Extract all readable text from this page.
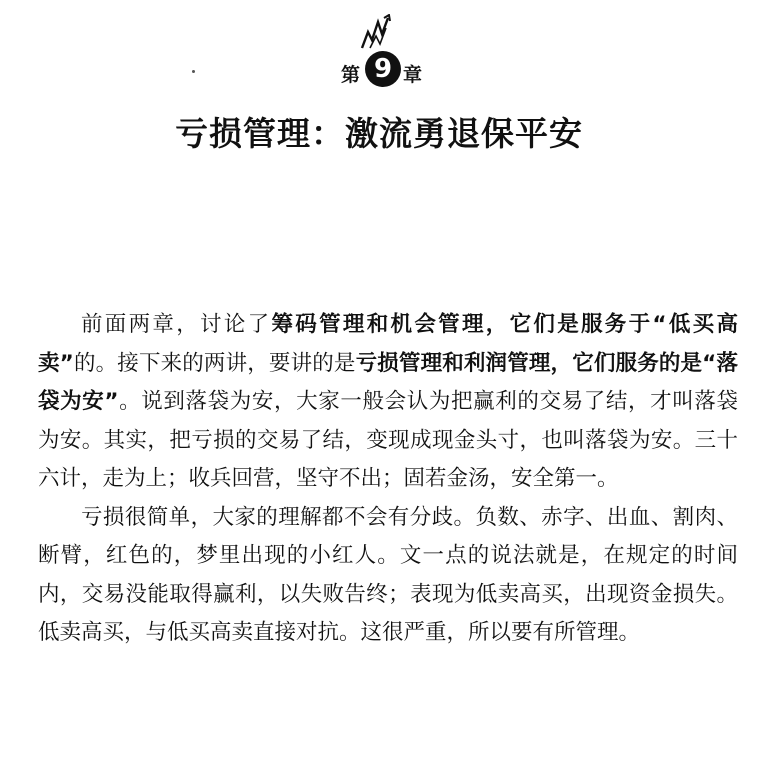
第 9 章
亏损管理：激流勇退保平安

前面两章，讨论了筹码管理和机会管理，它们是服务于“低买高卖”的。接下来的两讲，要讲的是亏损管理和利润管理，它们服务的是“落袋为安”。说到落袋为安，大家一般会认为把赢利的交易了结，才叫落袋为安。其实，把亏损的交易了结，变现成现金头寸，也叫落袋为安。三十六计，走为上；收兵回营，坚守不出；固若金汤，安全第一。

亏损很简单，大家的理解都不会有分歧。负数、赤字、出血、割肉、断臂，红色的，梦里出现的小红人。文一点的说法就是，在规定的时间内，交易没能取得赢利，以失败告终；表现为低卖高买，出现资金损失。低卖高买，与低买高卖直接对抗。这很严重，所以要有所管理。
